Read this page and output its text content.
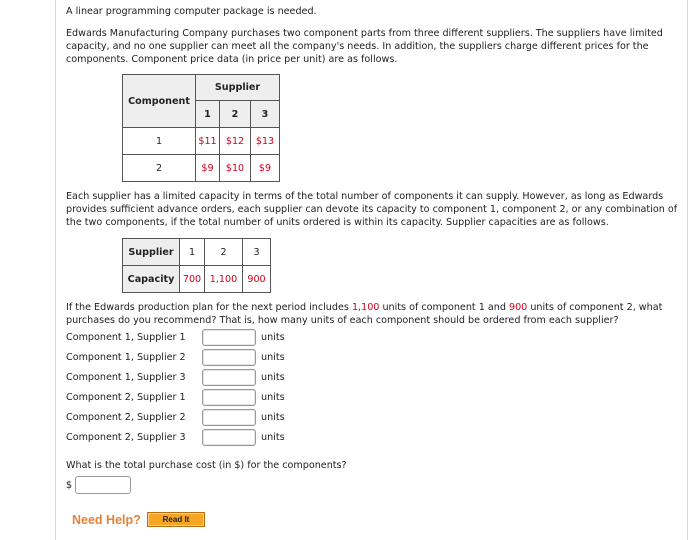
A linear programming computer package is needed.
Edwards Manufacturing Company purchases two component parts from three different suppliers. The suppliers have limited capacity, and no one supplier can meet all the company's needs. In addition, the suppliers charge different prices for the components. Component price data (in price per unit) are as follows.
Component	Supplier		
	1	2	3
1	$11	$12	$13
2	$9	$10	$9
Each supplier has a limited capacity in terms of the total number of components it can supply. However, as long as Edwards provides sufficient advance orders, each supplier can devote its capacity to component 1, component 2, or any combination of the two components, if the total number of units ordered is within its capacity. Supplier capacities are as follows.
Supplier	1	2	3
Capacity	700	1,100	900
If the Edwards production plan for the next period includes 1,100 units of component 1 and 900 units of component 2, what purchases do you recommend? That is, how many units of each component should be ordered from each supplier?
Component 1, Supplier 1	units
Component 1, Supplier 2	units
Component 1, Supplier 3	units
Component 2, Supplier 1	units
Component 2, Supplier 2	units
Component 2, Supplier 3	units
What is the total purchase cost (in $) for the components?
$
Need Help?	Read It
